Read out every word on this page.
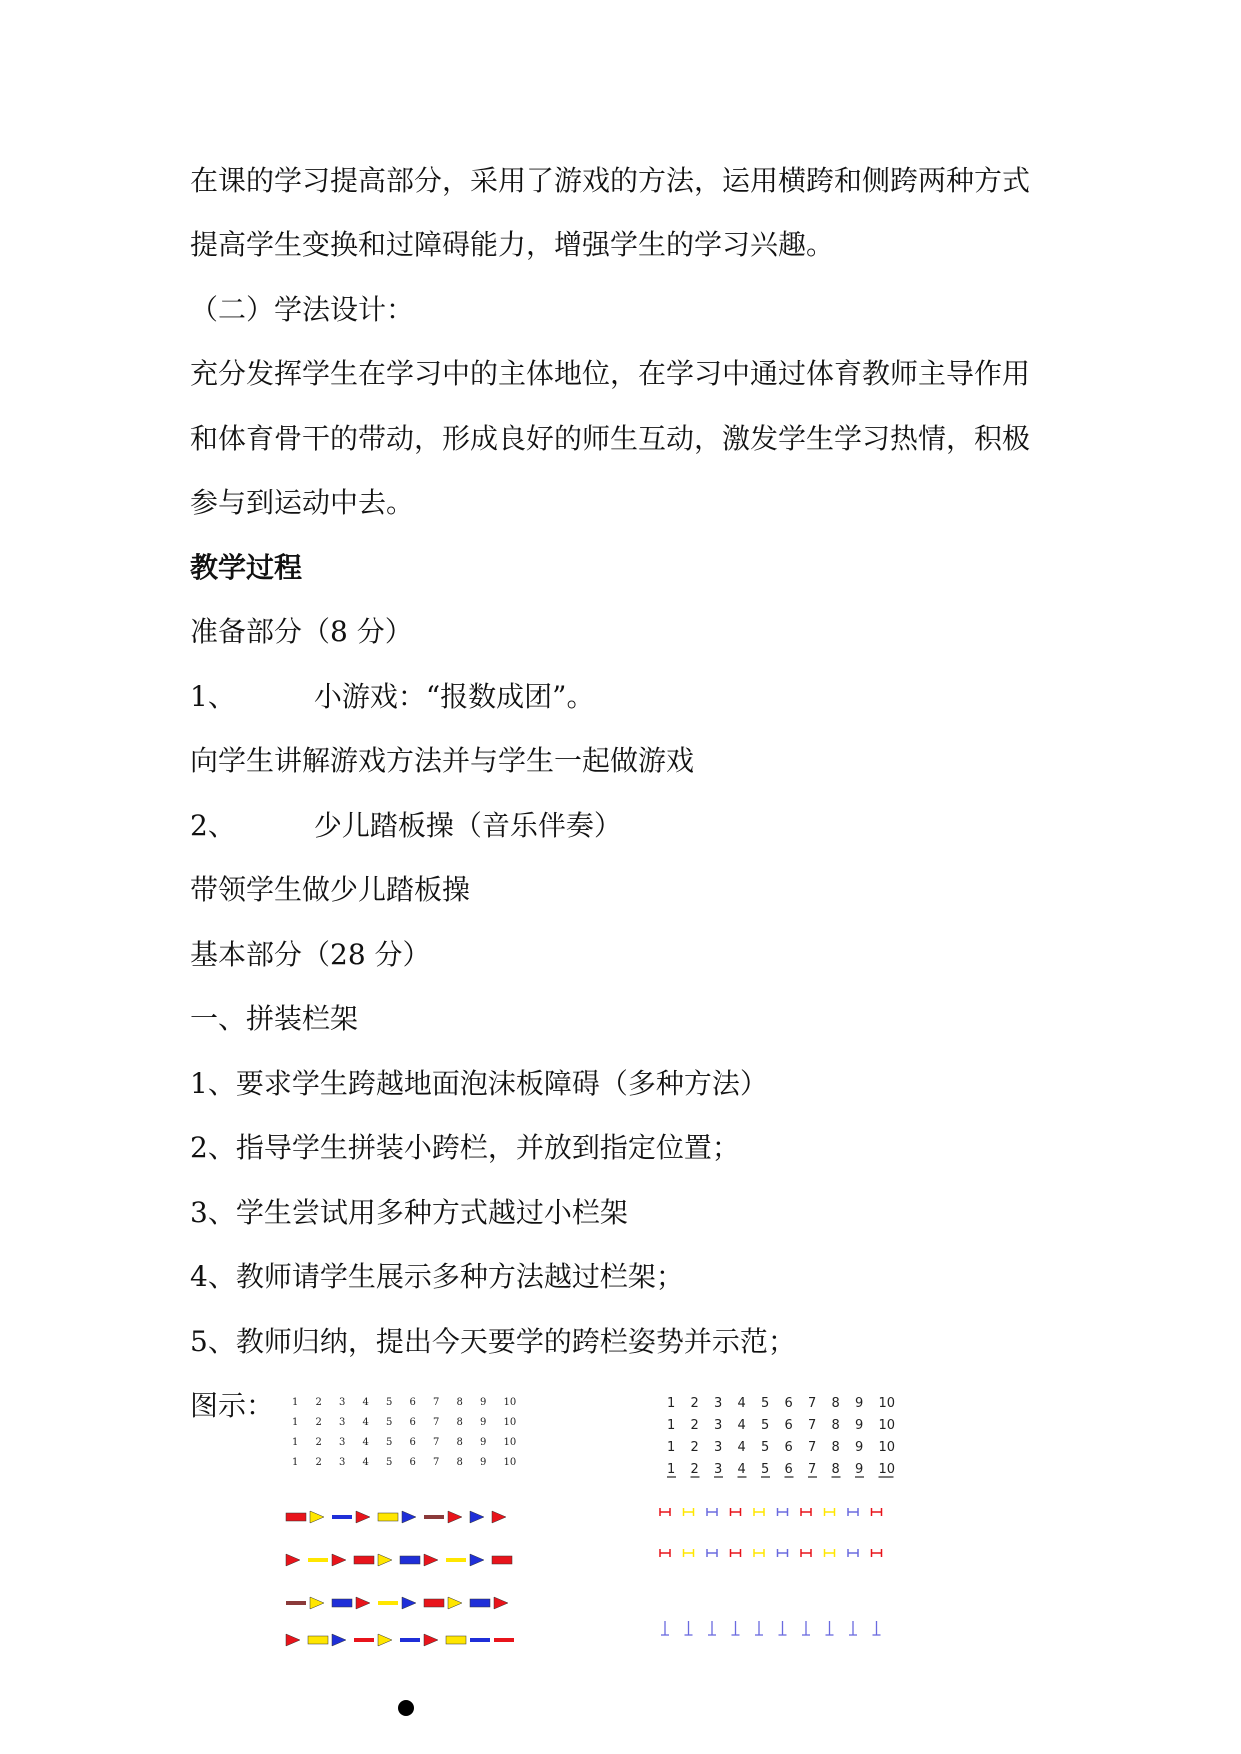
在课的学习提高部分，采用了游戏的方法，运用横跨和侧跨两种方式
提高学生变换和过障碍能力，增强学生的学习兴趣。
（二）学法设计：
充分发挥学生在学习中的主体地位，在学习中通过体育教师主导作用
和体育骨干的带动，形成良好的师生互动，激发学生学习热情，积极
参与到运动中去。
教学过程
准备部分（8 分）
1、	小游戏：“报数成团”。
向学生讲解游戏方法并与学生一起做游戏
2、	少儿踏板操（音乐伴奏）
带领学生做少儿踏板操
基本部分（28 分）
一、拼装栏架
1、要求学生跨越地面泡沫板障碍（多种方法）
2、指导学生拼装小跨栏，并放到指定位置；
3、学生尝试用多种方式越过小栏架
4、教师请学生展示多种方法越过栏架；
5、教师归纳，提出今天要学的跨栏姿势并示范；
图示： 1 2 3 4 5 6 7 8 9 10
1 2 3 4 5 6 7 8 9 10
1 2 3 4 5 6 7 8 9 10
1 2 3 4 5 6 7 8 9 10
1 2 3 4 5 6 7 8 9 10
1 2 3 4 5 6 7 8 9 10
1 2 3 4 5 6 7 8 9 10
1 2 3 4 5 6 7 8 9 10
